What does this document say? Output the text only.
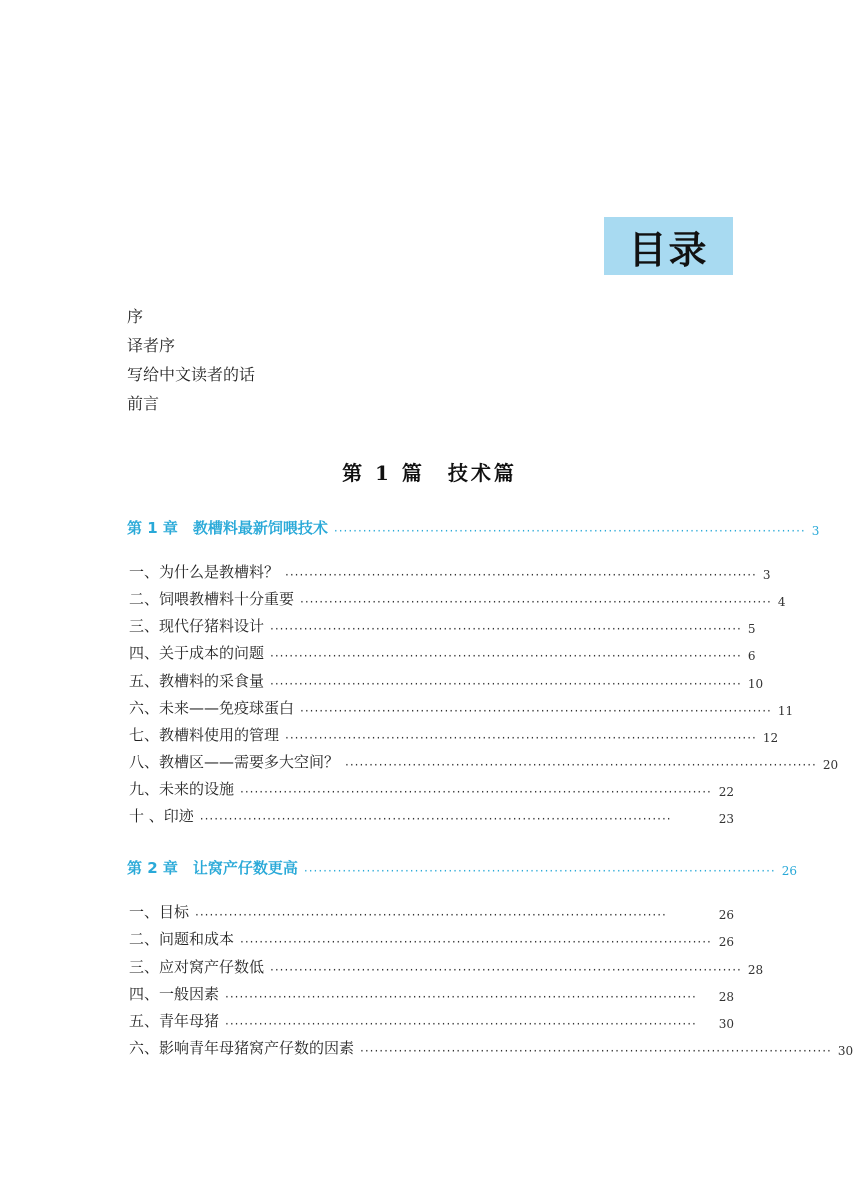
目录
序
译者序
写给中文读者的话
前言
第 1 篇　技术篇
第 1 章　教槽料最新饲喂技术 ·································································································· 3
一、为什么是教槽料？ ·································································································· 3
二、饲喂教槽料十分重要 ·································································································· 4
三、现代仔猪料设计 ·································································································· 5
四、关于成本的问题 ·································································································· 6
五、教槽料的采食量 ·································································································· 10
六、未来——免疫球蛋白 ·································································································· 11
七、教槽料使用的管理 ·································································································· 12
八、教槽区——需要多大空间？ ·································································································· 20
九、未来的设施 ·································································································· 22
十 、印迹 ··································································································	23
第 2 章　让窝产仔数更高 ·································································································· 26
一、目标 ··································································································	26
二、问题和成本 ·································································································· 26
三、应对窝产仔数低 ·································································································· 28
四、一般因素 ··································································································	28
五、青年母猪 ··································································································	30
六、影响青年母猪窝产仔数的因素 ·································································································· 30
